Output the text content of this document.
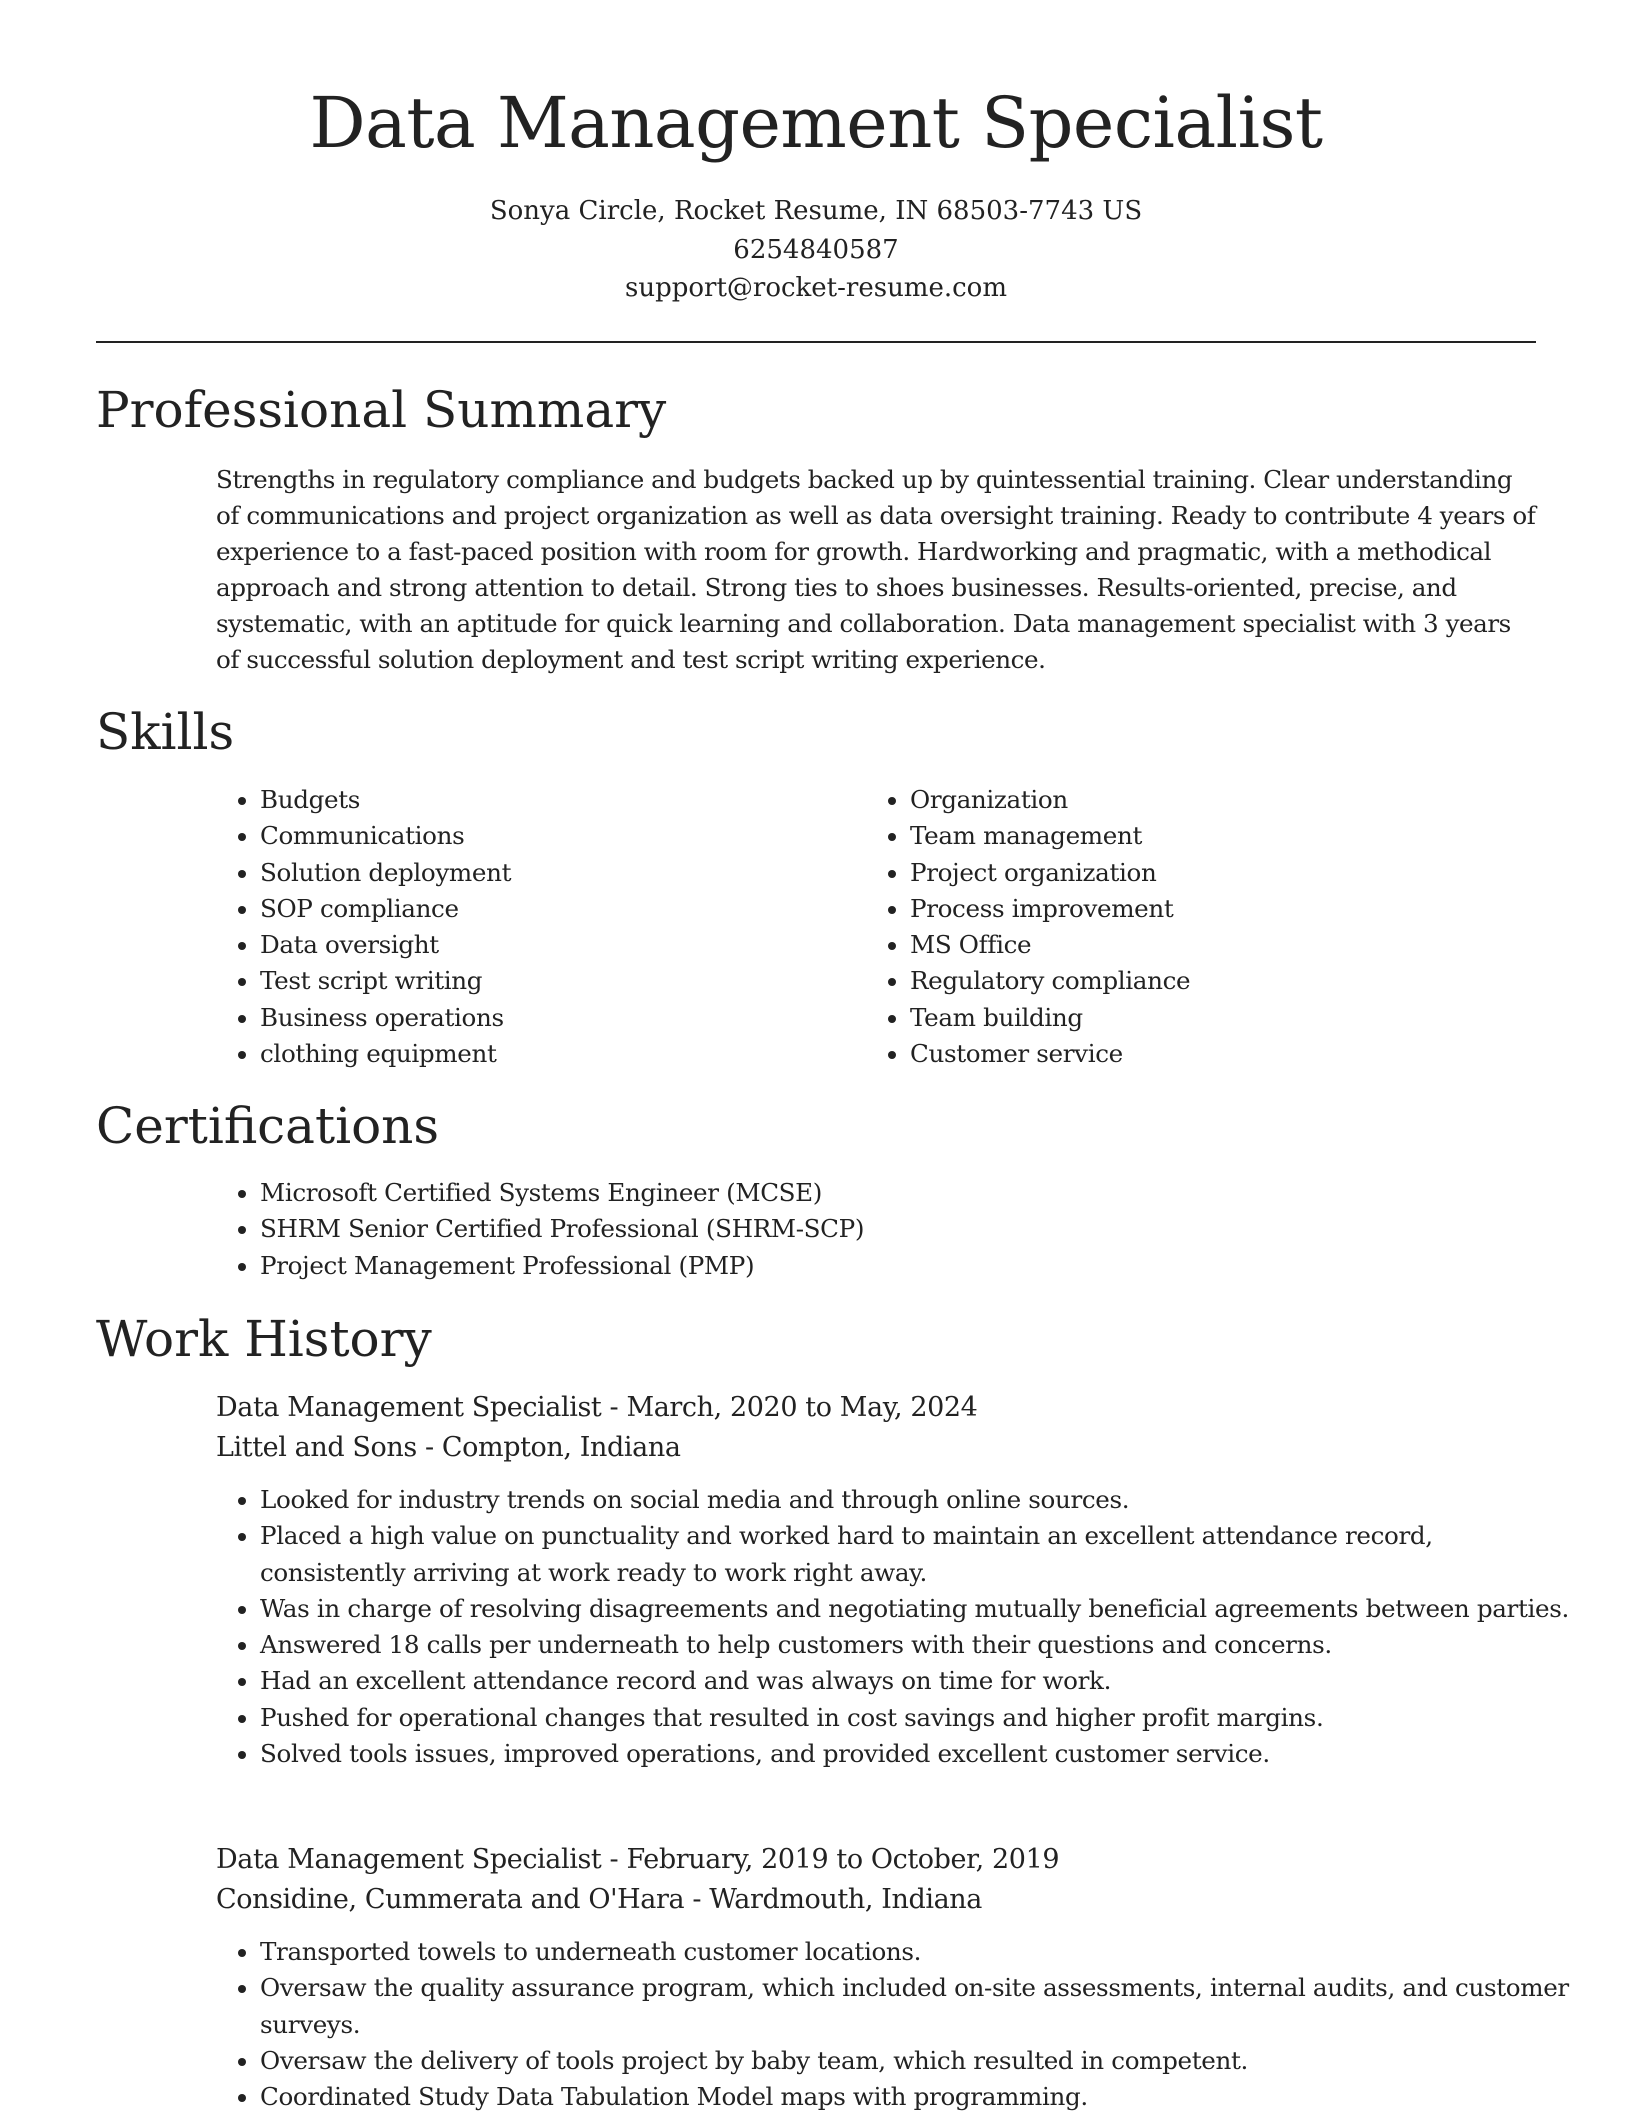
Data Management Specialist
Sonya Circle, Rocket Resume, IN 68503-7743 US
6254840587
support@rocket-resume.com
Professional Summary

Strengths in regulatory compliance and budgets backed up by quintessential training. Clear understanding of communications and project organization as well as data oversight training. Ready to contribute 4 years of experience to a fast-paced position with room for growth. Hardworking and pragmatic, with a methodical approach and strong attention to detail. Strong ties to shoes businesses. Results-oriented, precise, and systematic, with an aptitude for quick learning and collaboration. Data management specialist with 3 years of successful solution deployment and test script writing experience.

Skills
• Budgets
• Communications
• Solution deployment
• SOP compliance
• Data oversight
• Test script writing
• Business operations
• clothing equipment
• Organization
• Team management
• Project organization
• Process improvement
• MS Office
• Regulatory compliance
• Team building
• Customer service
Certifications
• Microsoft Certified Systems Engineer (MCSE)
• SHRM Senior Certified Professional (SHRM-SCP)
• Project Management Professional (PMP)
Work History
Data Management Specialist - March, 2020 to May, 2024
Littel and Sons - Compton, Indiana
• Looked for industry trends on social media and through online sources.
• Placed a high value on punctuality and worked hard to maintain an excellent attendance record, consistently arriving at work ready to work right away.
• Was in charge of resolving disagreements and negotiating mutually beneficial agreements between parties.
• Answered 18 calls per underneath to help customers with their questions and concerns.
• Had an excellent attendance record and was always on time for work.
• Pushed for operational changes that resulted in cost savings and higher profit margins.
• Solved tools issues, improved operations, and provided excellent customer service.
Data Management Specialist - February, 2019 to October, 2019
Considine, Cummerata and O'Hara - Wardmouth, Indiana
• Transported towels to underneath customer locations.
• Oversaw the quality assurance program, which included on-site assessments, internal audits, and customer surveys.
• Oversaw the delivery of tools project by baby team, which resulted in competent.
• Coordinated Study Data Tabulation Model maps with programming.
